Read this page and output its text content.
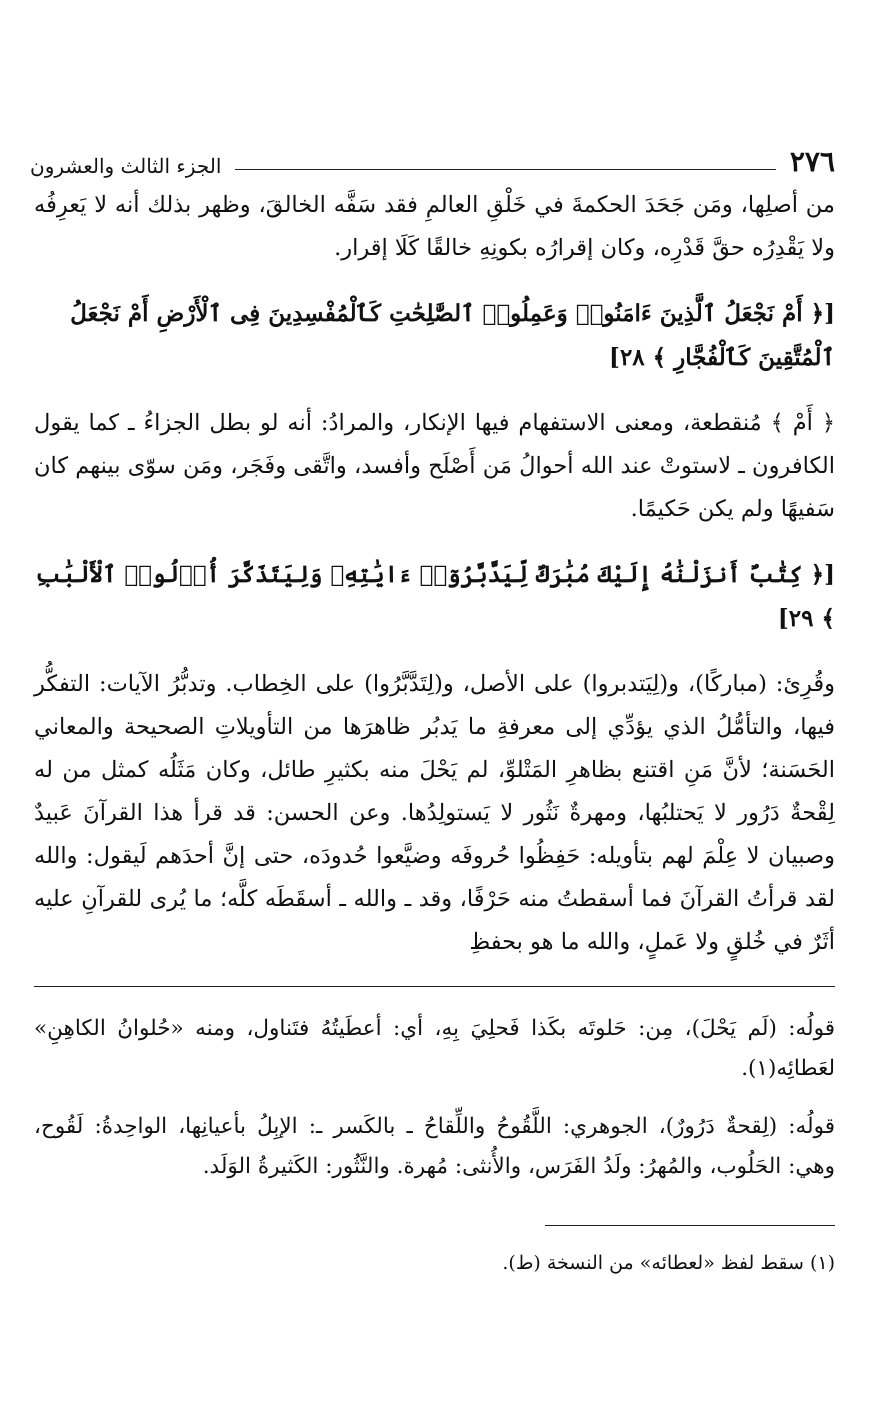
٢٧٦
الجزء الثالث والعشرون

من أصلِها، ومَن جَحَدَ الحكمةَ في خَلْقِ العالمِ فقد سَفَّه الخالقَ، وظهر بذلك أنه لا يَعرِفُه ولا يَقْدِرُه حقَّ قَدْرِه، وكان إقرارُه بكونِهِ خالقًا كَلَا إقرار.

[﴿ أَمْ نَجْعَلُ ٱلَّذِينَ ءَامَنُوا۟ وَعَمِلُوا۟ ٱلصَّٰلِحَٰتِ كَٱلْمُفْسِدِينَ فِى ٱلْأَرْضِ أَمْ نَجْعَلُ ٱلْمُتَّقِينَ كَٱلْفُجَّارِ ﴾ ٢٨]

﴿ أَمْ ﴾ مُنقطعة، ومعنى الاستفهام فيها الإنكار، والمرادُ: أنه لو بطل الجزاءُ ـ كما يقول الكافرون ـ لاستوتْ عند الله أحوالُ مَن أَصْلَح وأفسد، واتَّقى وفَجَر، ومَن سوّى بينهم كان سَفيهًا ولم يكن حَكيمًا.

[﴿ كِتَٰبٌ أَنزَلْنَٰهُ إِلَيْكَ مُبَٰرَكٌ لِّيَدَّبَّرُوٓا۟ ءَايَٰتِهِۦ وَلِيَتَذَكَّرَ أُو۟لُوا۟ ٱلْأَلْبَٰبِ ﴾ ٢٩]

وقُرِئ: (مباركًا)، و(لِيَتدبروا) على الأصل، و(لِتَدَّبَّرُوا) على الخِطاب. وتدبُّرُ الآيات: التفكُّر فيها، والتأمُّلُ الذي يؤدِّي إلى معرفةِ ما يَدبُر ظاهرَها من التأويلاتِ الصحيحة والمعاني الحَسَنة؛ لأنَّ مَنِ اقتنع بظاهرِ المَتْلوِّ، لم يَحْلَ منه بكثيرِ طائل، وكان مَثَلُه كمثل من له لِقْحةٌ دَرُور لا يَحتلبُها، ومهرةٌ نَثُور لا يَستولِدُها. وعن الحسن: قد قرأ هذا القرآنَ عَبيدٌ وصبيان لا عِلْمَ لهم بتأويله: حَفِظُوا حُروفَه وضيَّعوا حُدودَه، حتى إنَّ أحدَهم لَيقول: والله لقد قرأتُ القرآنَ فما أسقطتُ منه حَرْفًا، وقد ـ والله ـ أسقَطَه كلَّه؛ ما يُرى للقرآنِ عليه أثَرٌ في خُلقٍ ولا عَملٍ، والله ما هو بحفظِ

قولُه: (لَم يَحْلَ)، مِن: حَلوتَه بكَذا فَحلِيَ بِهِ، أي: أعطَيتُهُ فتَناول، ومنه «حُلوانُ الكاهِنِ» لعَطائِه(١).

قولُه: (لِقحةٌ دَرُورٌ)، الجوهري: اللَّقُوحُ واللِّقاحُ ـ بالكَسر ـ: الإبِلُ بأعيانِها، الواحِدةُ: لَقُوح، وهي: الحَلُوب، والمُهرُ: ولَدُ الفَرَس، والأُنثى: مُهرة. والنَّثُور: الكَثيرةُ الوَلَد.

(١) سقط لفظ «لعطائه» من النسخة (ط).
